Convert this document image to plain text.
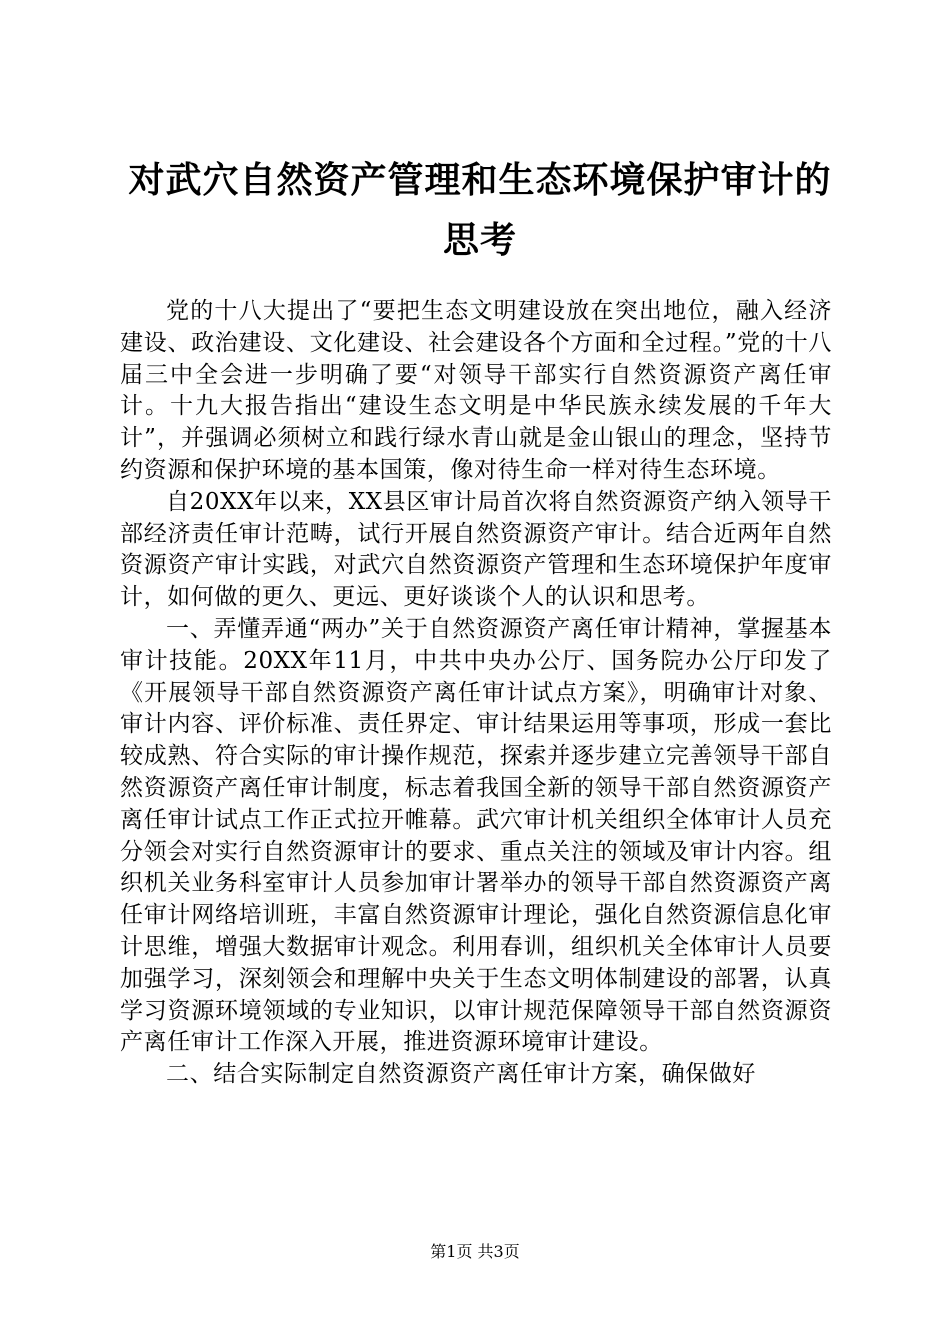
对武穴自然资产管理和生态环境保护审计的思考

党的十八大提出了“要把生态文明建设放在突出地位，融入经济建设、政治建设、文化建设、社会建设各个方面和全过程。”党的十八届三中全会进一步明确了要“对领导干部实行自然资源资产离任审计。十九大报告指出“建设生态文明是中华民族永续发展的千年大计”，并强调必须树立和践行绿水青山就是金山银山的理念，坚持节约资源和保护环境的基本国策，像对待生命一样对待生态环境。

自20XX年以来，XX县区审计局首次将自然资源资产纳入领导干部经济责任审计范畴，试行开展自然资源资产审计。结合近两年自然资源资产审计实践，对武穴自然资源资产管理和生态环境保护年度审计，如何做的更久、更远、更好谈谈个人的认识和思考。

一、弄懂弄通“两办”关于自然资源资产离任审计精神，掌握基本审计技能。20XX年11月，中共中央办公厅、国务院办公厅印发了《开展领导干部自然资源资产离任审计试点方案》，明确审计对象、审计内容、评价标准、责任界定、审计结果运用等事项，形成一套比较成熟、符合实际的审计操作规范，探索并逐步建立完善领导干部自然资源资产离任审计制度，标志着我国全新的领导干部自然资源资产离任审计试点工作正式拉开帷幕。武穴审计机关组织全体审计人员充分领会对实行自然资源审计的要求、重点关注的领域及审计内容。组织机关业务科室审计人员参加审计署举办的领导干部自然资源资产离任审计网络培训班，丰富自然资源审计理论，强化自然资源信息化审计思维，增强大数据审计观念。利用春训，组织机关全体审计人员要加强学习，深刻领会和理解中央关于生态文明体制建设的部署，认真学习资源环境领域的专业知识，以审计规范保障领导干部自然资源资产离任审计工作深入开展，推进资源环境审计建设。

二、结合实际制定自然资源资产离任审计方案，确保做好

第1页 共3页
